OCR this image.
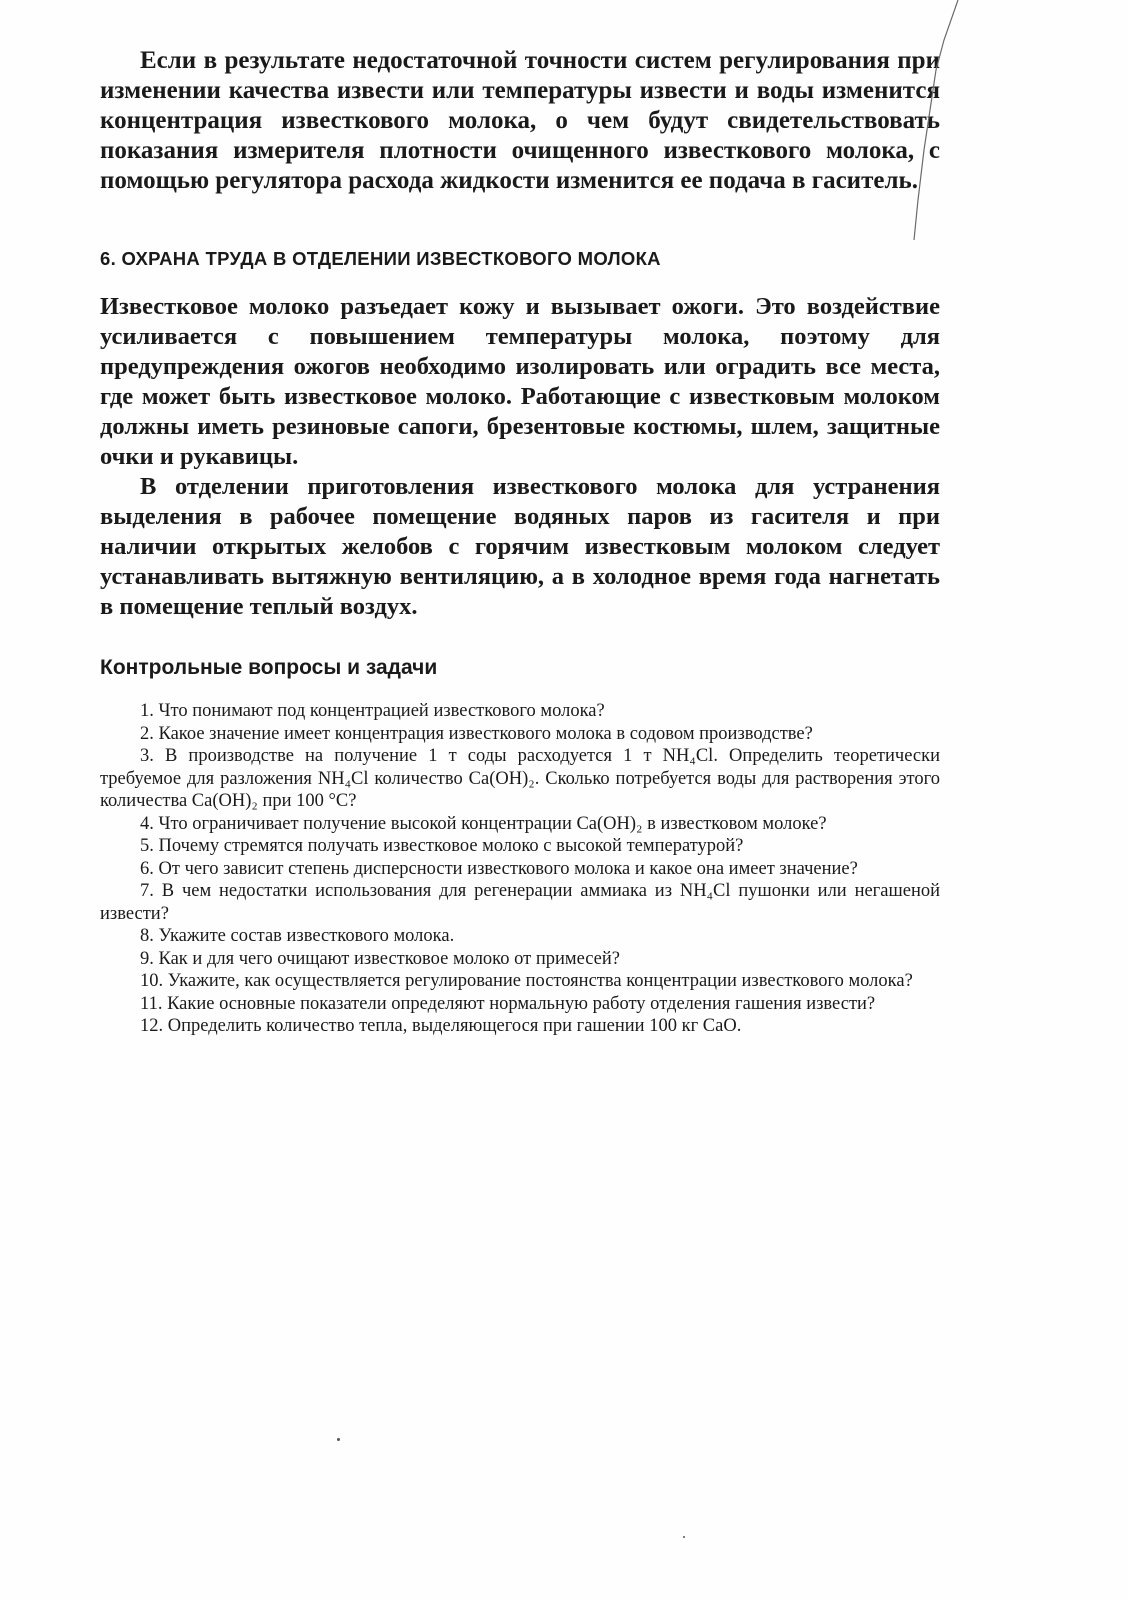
Если в результате недостаточной точности систем регулирования при изменении качества извести или температуры извести и воды изменится концентрация известкового молока, о чем будут свидетельствовать показания измерителя плотности очищенного известкового молока, с помощью регулятора расхода жидкости изменится ее подача в гаситель.

6. ОХРАНА ТРУДА В ОТДЕЛЕНИИ ИЗВЕСТКОВОГО МОЛОКА

Известковое молоко разъедает кожу и вызывает ожоги. Это воздействие усиливается с повышением температуры молока, поэтому для предупреждения ожогов необходимо изолировать или оградить все места, где может быть известковое молоко. Работающие с известковым молоком должны иметь резиновые сапоги, брезентовые костюмы, шлем, защитные очки и рукавицы.

В отделении приготовления известкового молока для устранения выделения в рабочее помещение водяных паров из гасителя и при наличии открытых желобов с горячим известковым молоком следует устанавливать вытяжную вентиляцию, а в холодное время года нагнетать в помещение теплый воздух.

Контрольные вопросы и задачи

1. Что понимают под концентрацией известкового молока?

2. Какое значение имеет концентрация известкового молока в содовом производстве?

3. В производстве на получение 1 т соды расходуется 1 т NH₄Cl. Определить теоретически требуемое для разложения NH₄Cl количество Ca(OH)₂. Сколько потребуется воды для растворения этого количества Ca(OH)₂ при 100 °C?

4. Что ограничивает получение высокой концентрации Ca(OH)₂ в известковом молоке?

5. Почему стремятся получать известковое молоко с высокой температурой?

6. От чего зависит степень дисперсности известкового молока и какое она имеет значение?

7. В чем недостатки использования для регенерации аммиака из NH₄Cl пушонки или негашеной извести?

8. Укажите состав известкового молока.

9. Как и для чего очищают известковое молоко от примесей?

10. Укажите, как осуществляется регулирование постоянства концентрации известкового молока?

11. Какие основные показатели определяют нормальную работу отделения гашения извести?

12. Определить количество тепла, выделяющегося при гашении 100 кг CaO.
